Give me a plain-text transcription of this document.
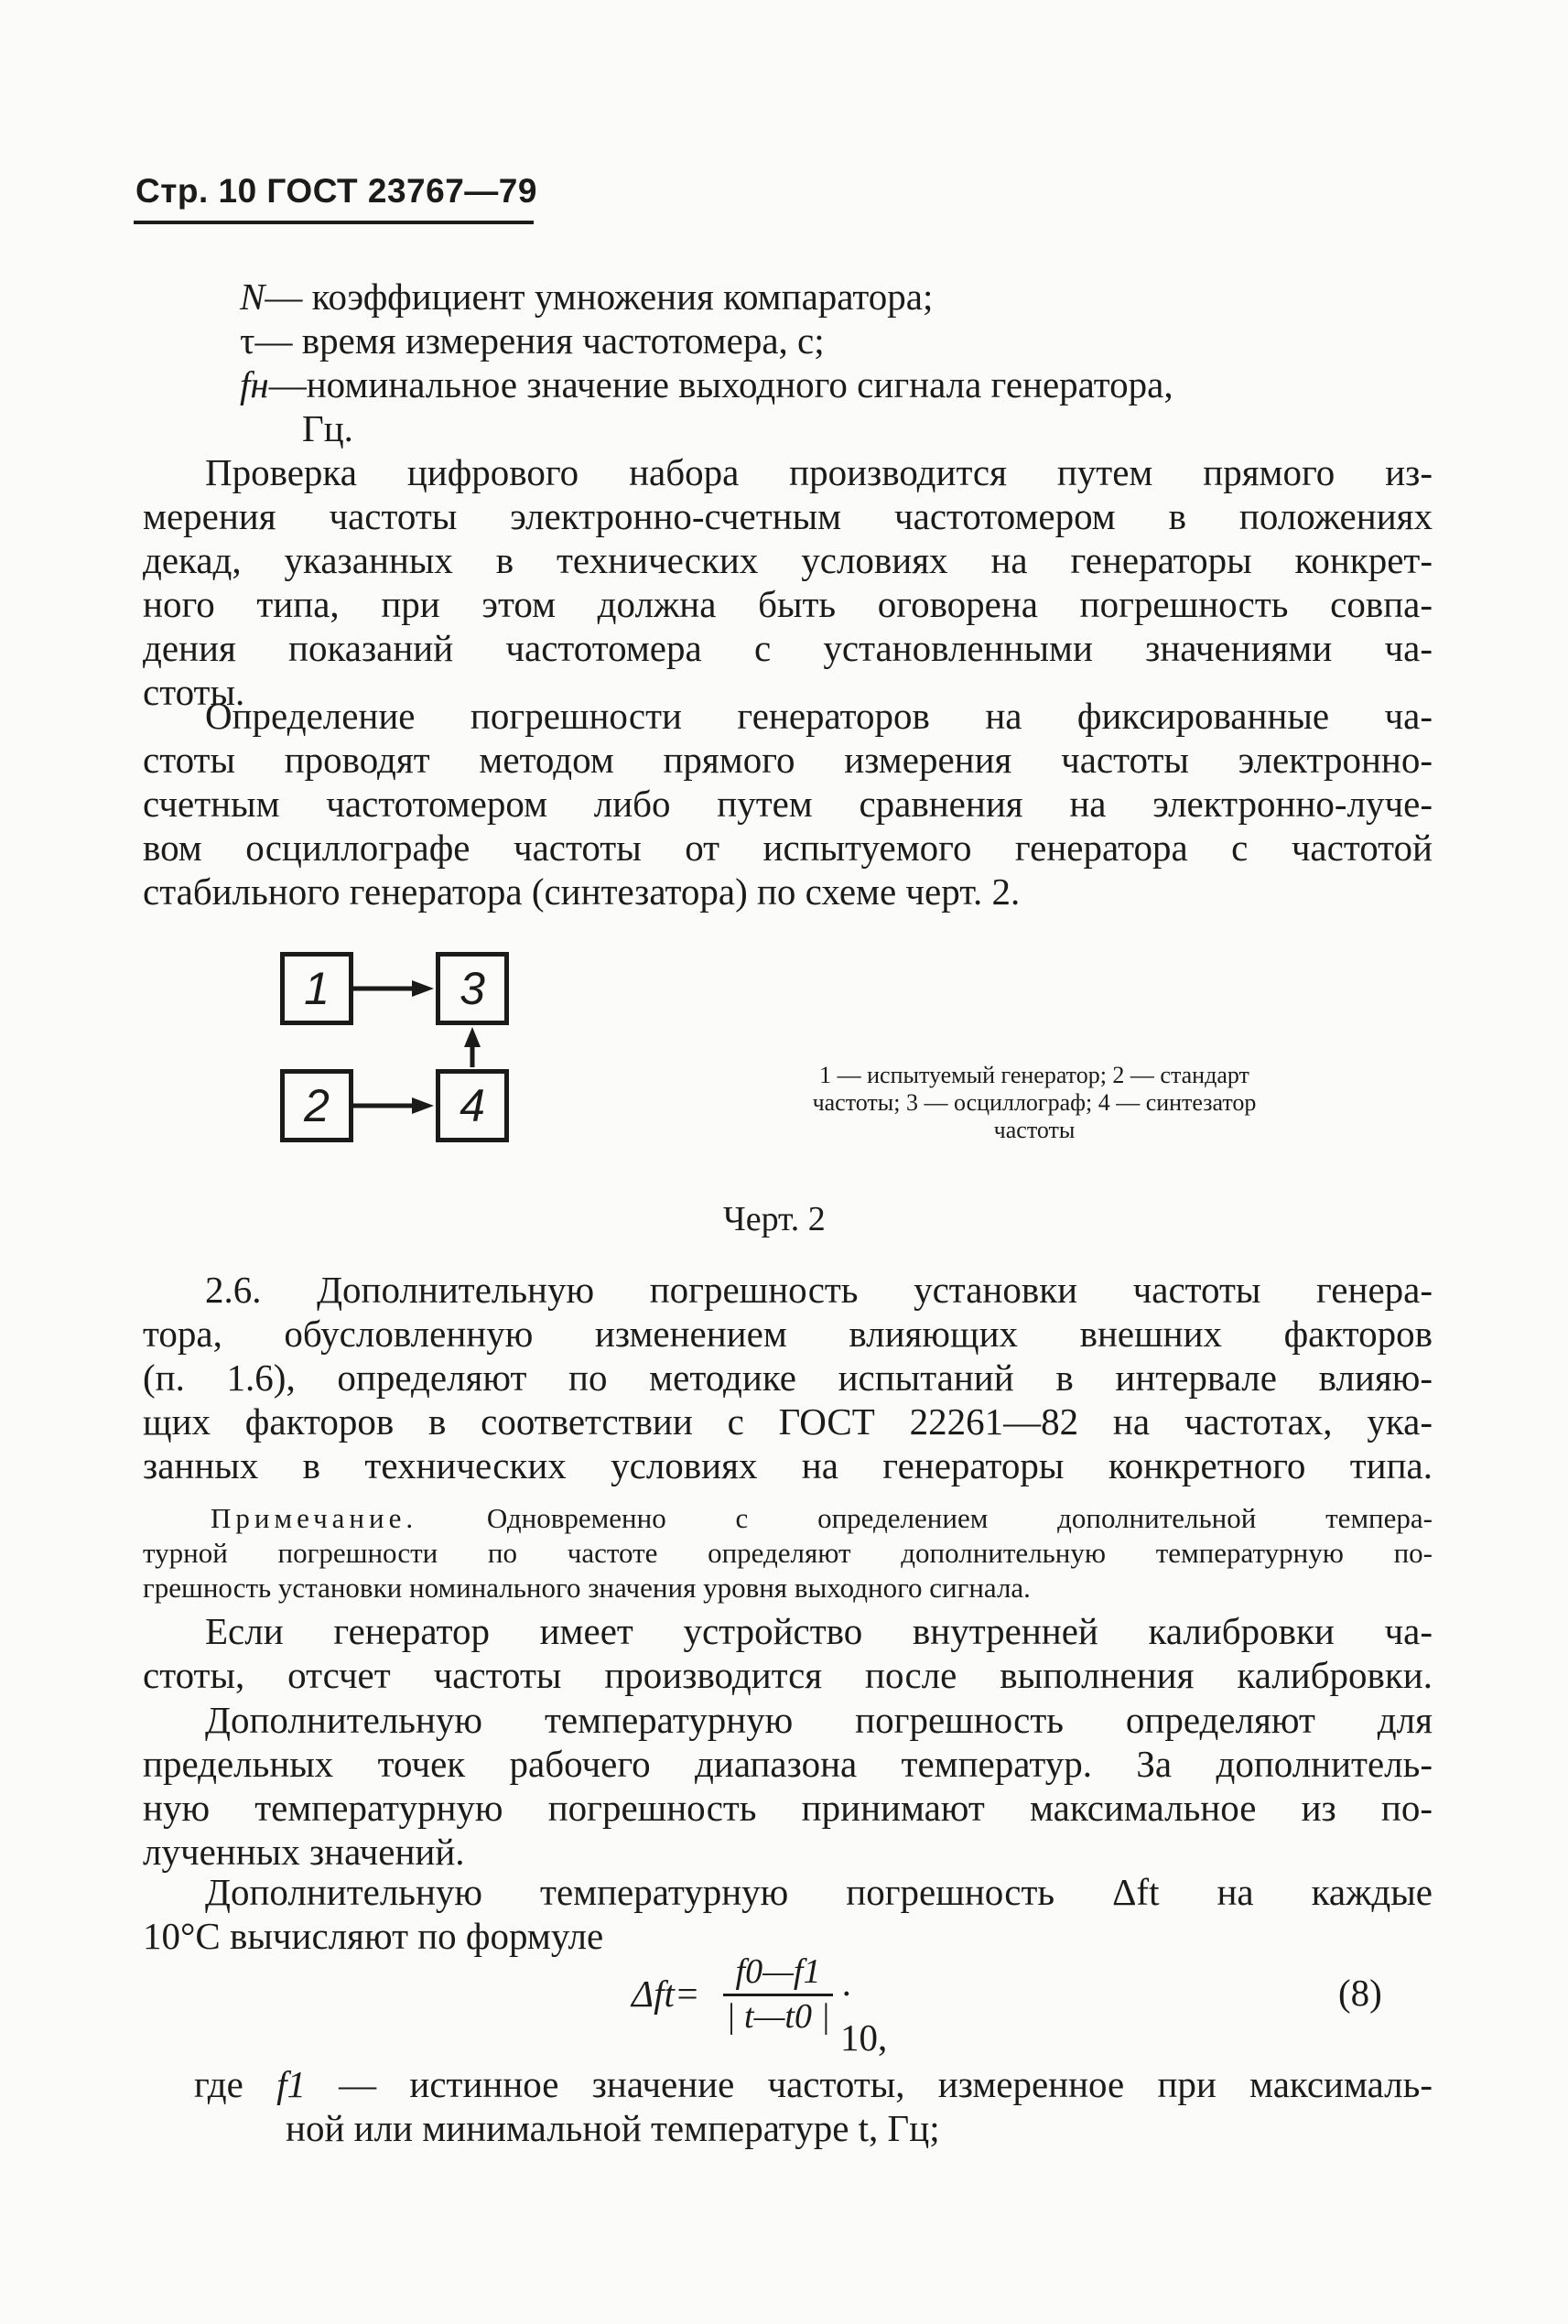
Стр. 10 ГОСТ 23767—79
N— коэффициент умножения компаратора;
τ— время измерения частотомера, с;
fн—номинальное значение выходного сигнала генератора,
Гц.
Проверка цифрового набора производится путем прямого из-
мерения частоты электронно-счетным частотомером в положениях
декад, указанных в технических условиях на генераторы конкрет-
ного типа, при этом должна быть оговорена погрешность совпа-
дения показаний частотомера с установленными значениями ча-
стоты.
Определение погрешности генераторов на фиксированные ча-
стоты проводят методом прямого измерения частоты электронно-
счетным частотомером либо путем сравнения на электронно-луче-
вом осциллографе частоты от испытуемого генератора с частотой
стабильного генератора (синтезатора) по схеме черт. 2.
1
2
3
4
1 — испытуемый генератор; 2 — стандарт
частоты; 3 — осциллограф; 4 — синтезатор
частоты
Черт. 2
2.6. Дополнительную погрешность установки частоты генера-
тора, обусловленную изменением влияющих внешних факторов
(п. 1.6), определяют по методике испытаний в интервале влияю-
щих факторов в соответствии с ГОСТ 22261—82 на частотах, ука-
занных в технических условиях на генераторы конкретного типа.
Примечание. Одновременно с определением дополнительной темпера-
турной погрешности по частоте определяют дополнительную температурную по-
грешность установки номинального значения уровня выходного сигнала.
Если генератор имеет устройство внутренней калибровки ча-
стоты, отсчет частоты производится после выполнения калибровки.
Дополнительную температурную погрешность определяют для
предельных точек рабочего диапазона температур. За дополнитель-
ную температурную погрешность принимают максимальное из по-
лученных значений.
Дополнительную температурную погрешность Δft на каждые
10°С вычисляют по формуле
$\Delta ft= \frac{f0—f1}{| t—t0 |} \cdot 10$,
(8)
где f1 — истинное значение частоты, измеренное при максималь-
ной или минимальной температуре t, Гц;
